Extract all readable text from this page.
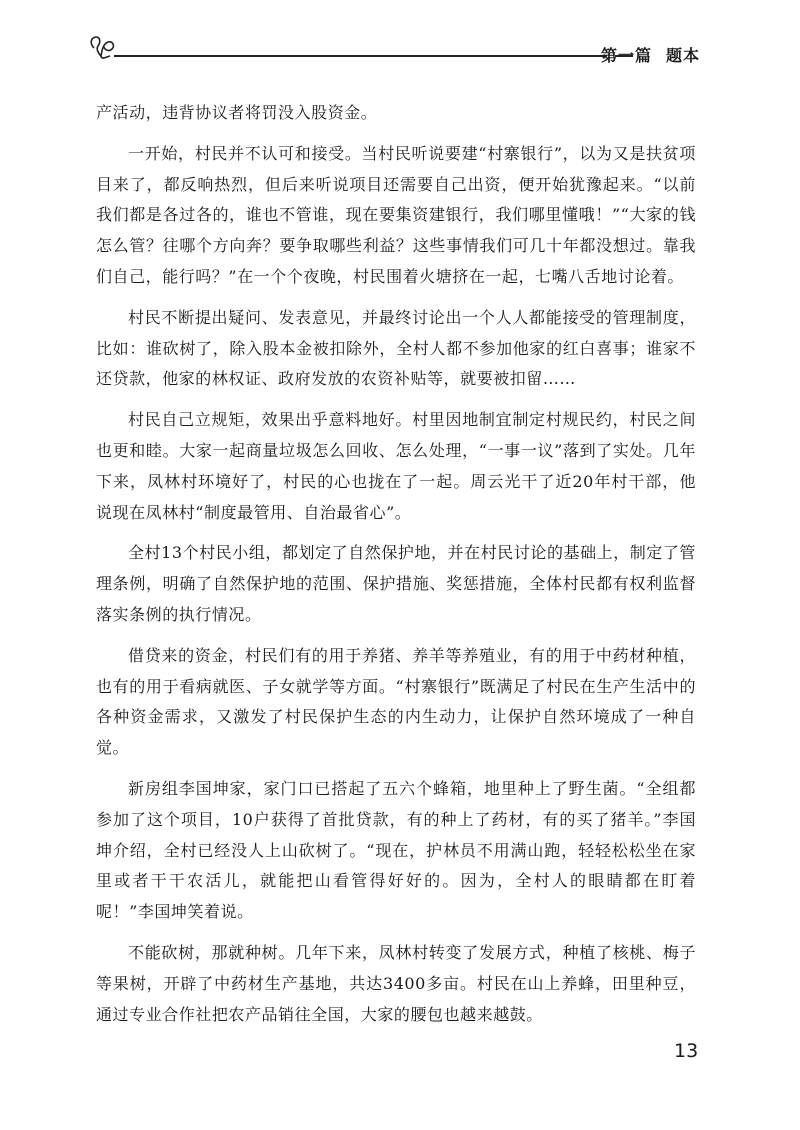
第一篇 题本

产活动，违背协议者将罚没入股资金。

一开始，村民并不认可和接受。当村民听说要建“村寨银行”，以为又是扶贫项目来了，都反响热烈，但后来听说项目还需要自己出资，便开始犹豫起来。“以前我们都是各过各的，谁也不管谁，现在要集资建银行，我们哪里懂哦！”“大家的钱怎么管？往哪个方向奔？要争取哪些利益？这些事情我们可几十年都没想过。靠我们自己，能行吗？”在一个个夜晚，村民围着火塘挤在一起，七嘴八舌地讨论着。

村民不断提出疑问、发表意见，并最终讨论出一个人人都能接受的管理制度，比如：谁砍树了，除入股本金被扣除外，全村人都不参加他家的红白喜事；谁家不还贷款，他家的林权证、政府发放的农资补贴等，就要被扣留……

村民自己立规矩，效果出乎意料地好。村里因地制宜制定村规民约，村民之间也更和睦。大家一起商量垃圾怎么回收、怎么处理，“一事一议”落到了实处。几年下来，凤林村环境好了，村民的心也拢在了一起。周云光干了近20年村干部，他说现在凤林村“制度最管用、自治最省心”。

全村13个村民小组，都划定了自然保护地，并在村民讨论的基础上，制定了管理条例，明确了自然保护地的范围、保护措施、奖惩措施，全体村民都有权利监督落实条例的执行情况。

借贷来的资金，村民们有的用于养猪、养羊等养殖业，有的用于中药材种植，也有的用于看病就医、子女就学等方面。“村寨银行”既满足了村民在生产生活中的各种资金需求，又激发了村民保护生态的内生动力，让保护自然环境成了一种自觉。

新房组李国坤家，家门口已搭起了五六个蜂箱，地里种上了野生菌。“全组都参加了这个项目，10户获得了首批贷款，有的种上了药材，有的买了猪羊。”李国坤介绍，全村已经没人上山砍树了。“现在，护林员不用满山跑，轻轻松松坐在家里或者干干农活儿，就能把山看管得好好的。因为，全村人的眼睛都在盯着呢！”李国坤笑着说。

不能砍树，那就种树。几年下来，凤林村转变了发展方式，种植了核桃、梅子等果树，开辟了中药材生产基地，共达3400多亩。村民在山上养蜂，田里种豆，通过专业合作社把农产品销往全国，大家的腰包也越来越鼓。

13
